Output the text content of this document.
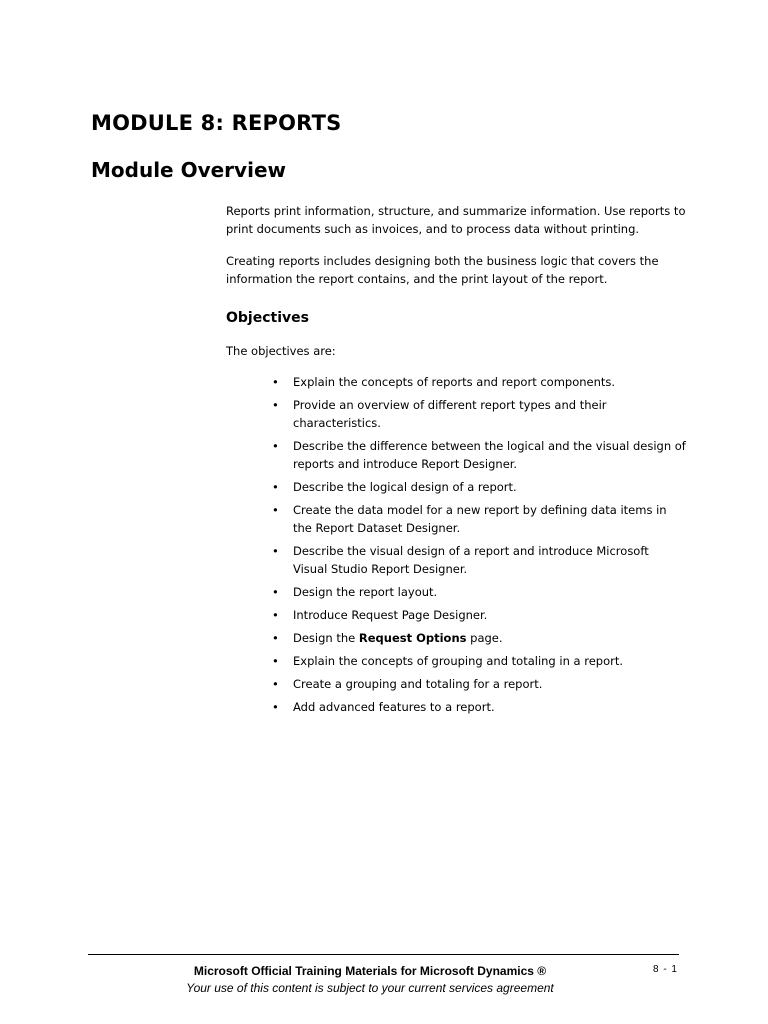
MODULE 8: REPORTS
Module Overview

Reports print information, structure, and summarize information. Use reports to print documents such as invoices, and to process data without printing.

Creating reports includes designing both the business logic that covers the information the report contains, and the print layout of the report.

Objectives

The objectives are:

• Explain the concepts of reports and report components.
• Provide an overview of different report types and their characteristics.
• Describe the difference between the logical and the visual design of reports and introduce Report Designer.
• Describe the logical design of a report.
• Create the data model for a new report by defining data items in the Report Dataset Designer.
• Describe the visual design of a report and introduce Microsoft Visual Studio Report Designer.
• Design the report layout.
• Introduce Request Page Designer.
• Design the Request Options page.
• Explain the concepts of grouping and totaling in a report.
• Create a grouping and totaling for a report.
• Add advanced features to a report.
Microsoft Official Training Materials for Microsoft Dynamics ®
Your use of this content is subject to your current services agreement
8 - 1
